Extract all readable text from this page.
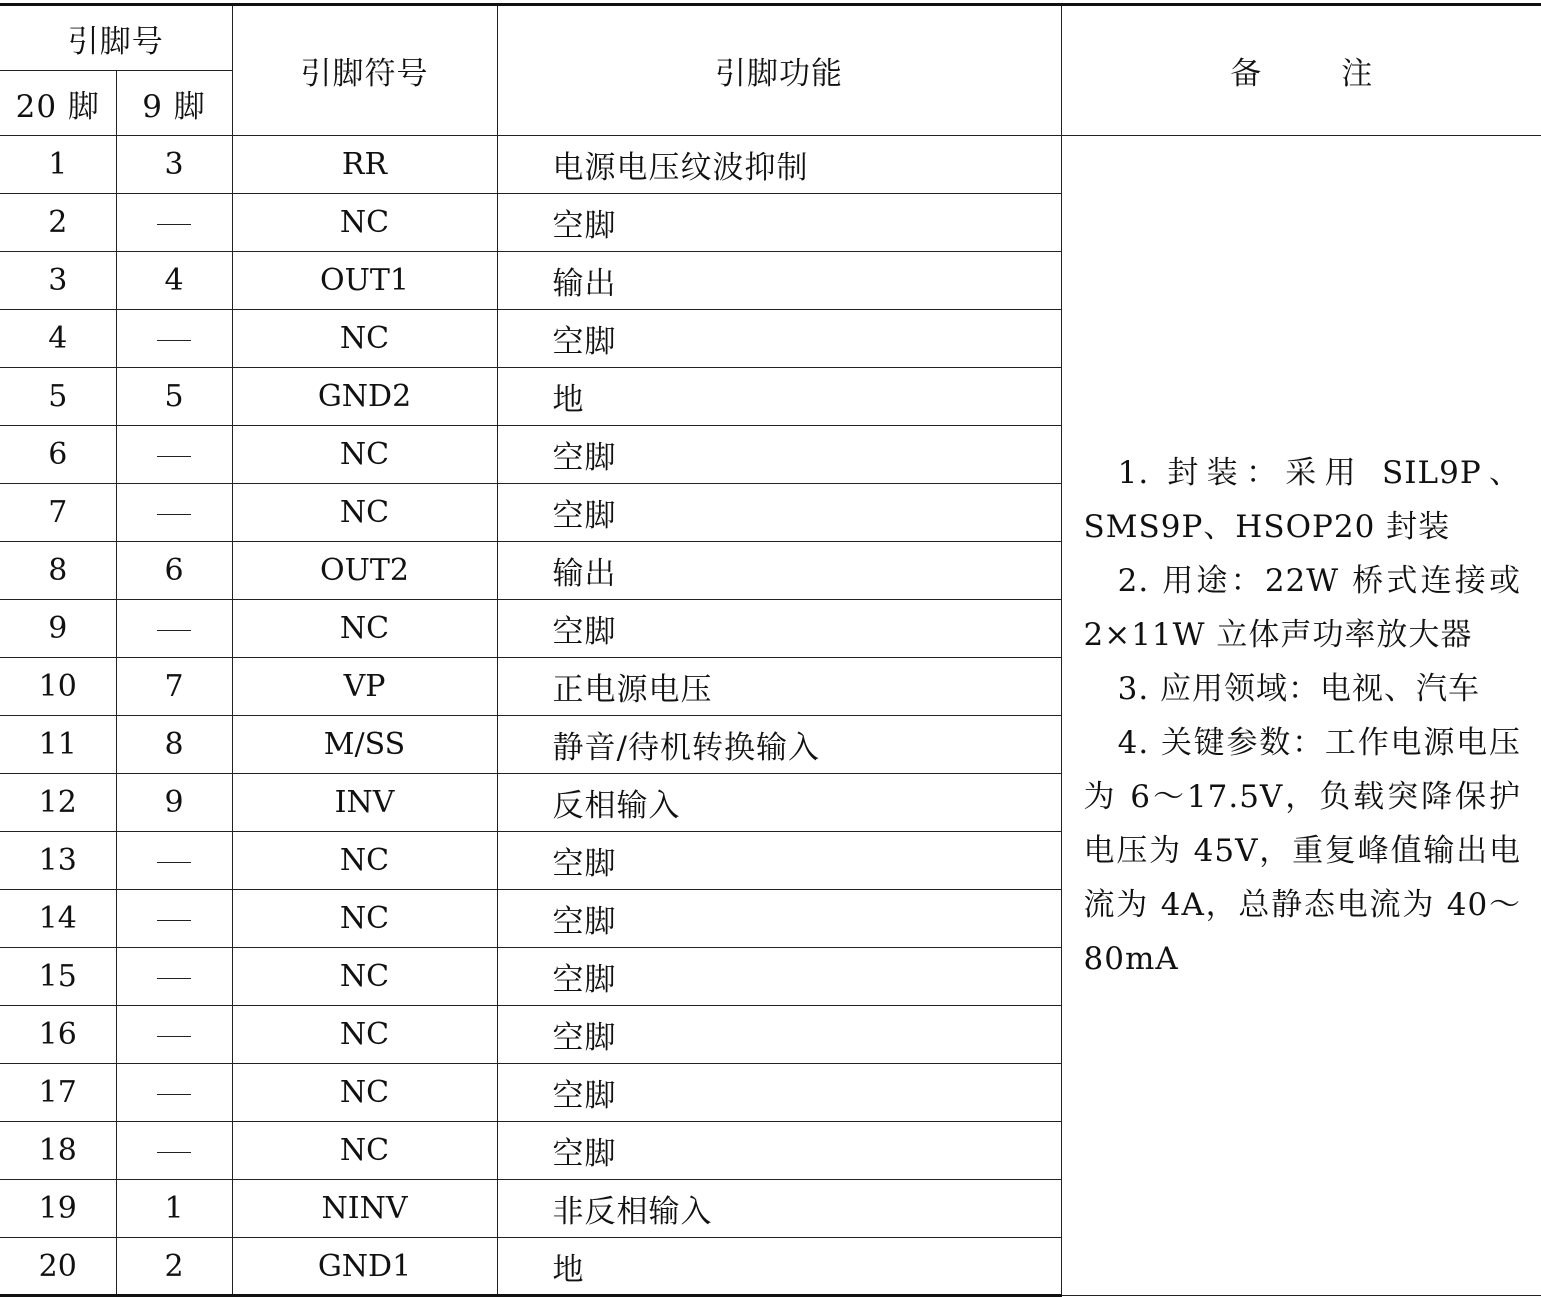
引脚号		引脚符号	引脚功能	备 注
20 脚	9 脚			
1	3	RR	电源电压纹波抑制	1. 封装：采用 SIL9P、SMS9P、HSOP20 封装

2. 用途：22W 桥式连接或 2×11W 立体声功率放大器

3. 应用领域：电视、汽车

4. 关键参数：工作电源电压为 6～17.5V，负载突降保护电压为 45V，重复峰值输出电流为 4A，总静态电流为 40～80mA

2		NC	空脚	
3	4	OUT1	输出	
4		NC	空脚	
5	5	GND2	地	
6		NC	空脚	
7		NC	空脚	
8	6	OUT2	输出	
9		NC	空脚	
10	7	VP	正电源电压	
11	8	M/SS	静音/待机转换输入	
12	9	INV	反相输入	
13		NC	空脚	
14		NC	空脚	
15		NC	空脚	
16		NC	空脚	
17		NC	空脚	
18		NC	空脚	
19	1	NINV	非反相输入	
20	2	GND1	地	
